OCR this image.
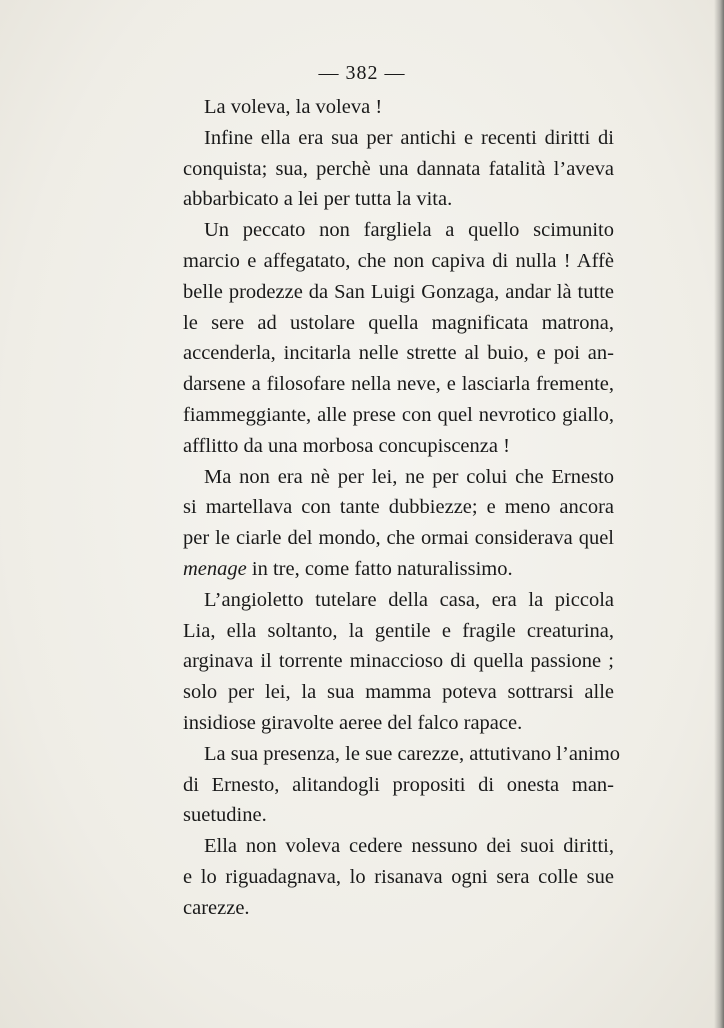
— 382 —
La voleva, la voleva !
Infine ella era sua per antichi e recenti diritti di
conquista; sua, perchè una dannata fatalità l’aveva
abbarbicato a lei per tutta la vita.
Un peccato non fargliela a quello scimunito
marcio e affegatato, che non capiva di nulla ! Affè
belle prodezze da San Luigi Gonzaga, andar là tutte
le sere ad ustolare quella magnificata matrona,
accenderla, incitarla nelle strette al buio, e poi an-
darsene a filosofare nella neve, e lasciarla fremente,
fiammeggiante, alle prese con quel nevrotico giallo,
afflitto da una morbosa concupiscenza !
Ma non era nè per lei, ne per colui che Ernesto
si martellava con tante dubbiezze; e meno ancora
per le ciarle del mondo, che ormai considerava quel
menage in tre, come fatto naturalissimo.
L’angioletto tutelare della casa, era la piccola
Lia, ella soltanto, la gentile e fragile creaturina,
arginava il torrente minaccioso di quella passione ;
solo per lei, la sua mamma poteva sottrarsi alle
insidiose giravolte aeree del falco rapace.
La sua presenza, le sue carezze, attutivano l’animo
di Ernesto, alitandogli propositi di onesta man-
suetudine.
Ella non voleva cedere nessuno dei suoi diritti,
e lo riguadagnava, lo risanava ogni sera colle sue
carezze.
